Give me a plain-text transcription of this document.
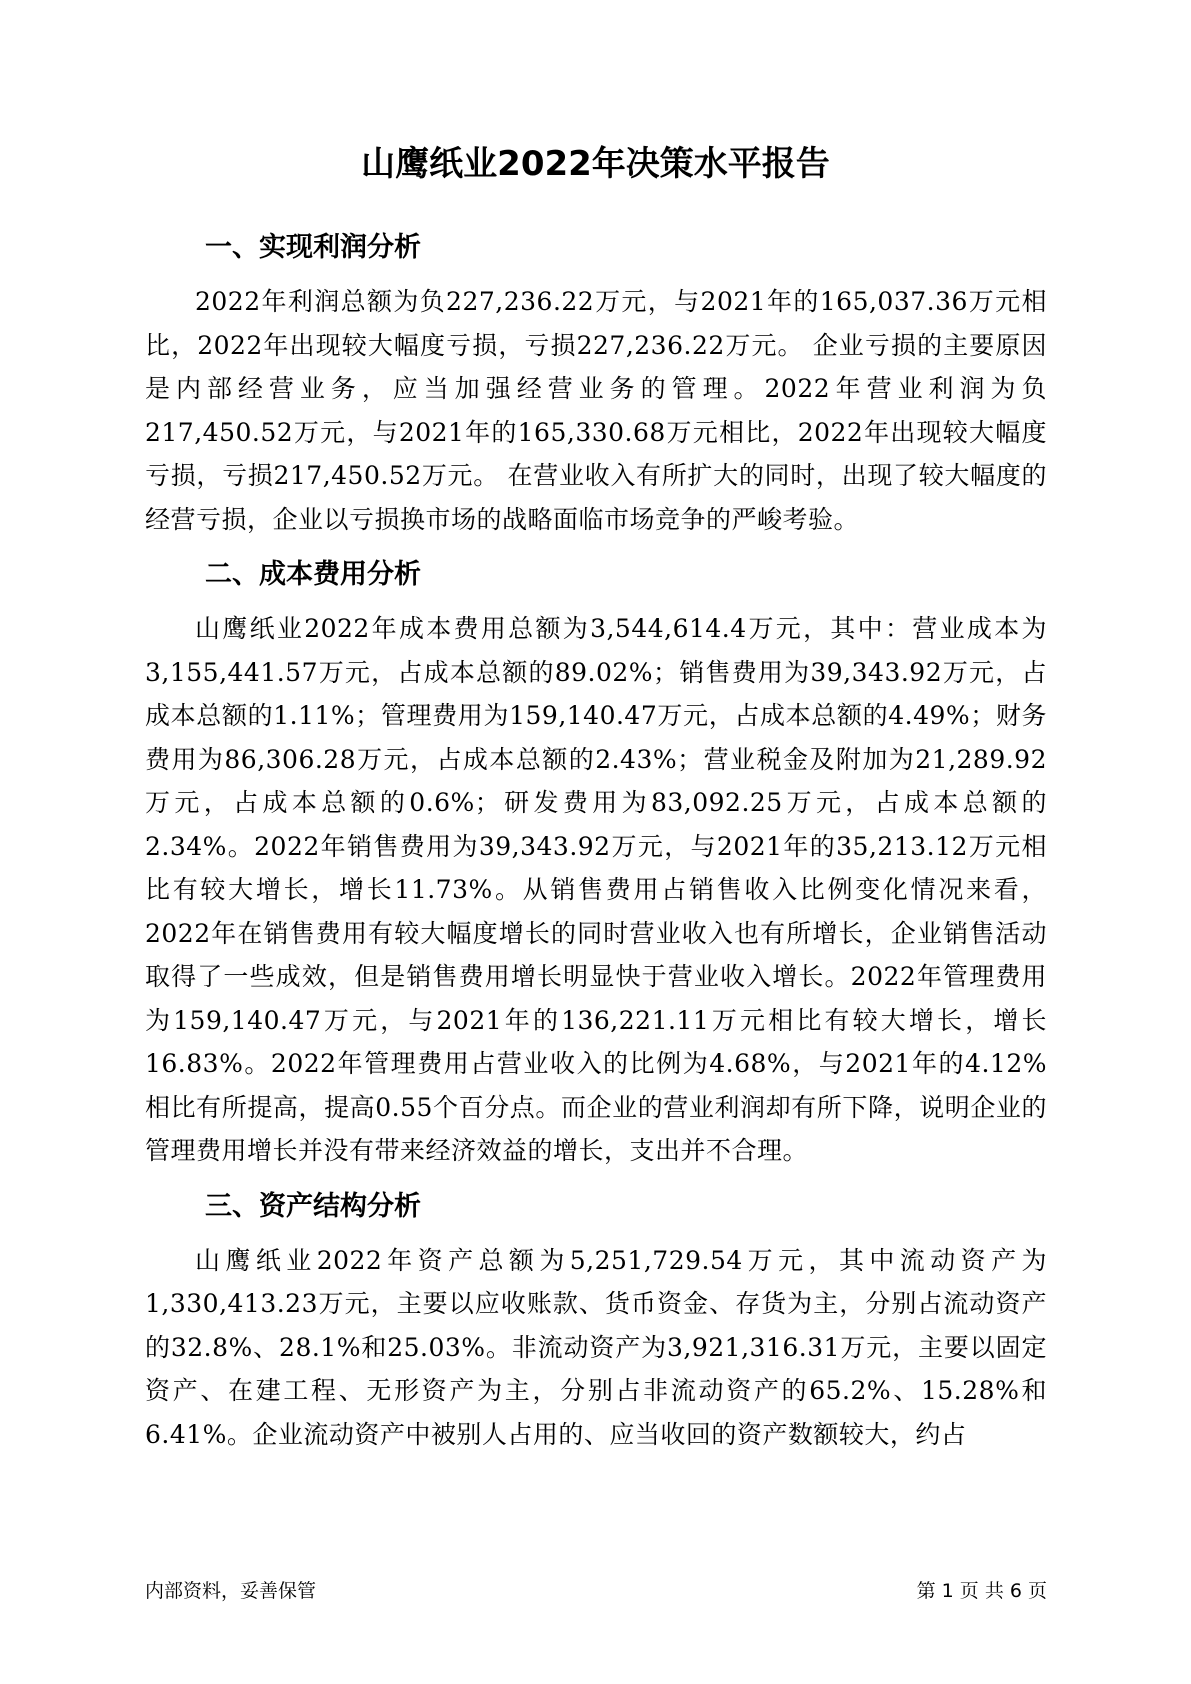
山鹰纸业2022年决策水平报告
一、实现利润分析

2022年利润总额为负227,236.22万元，与2021年的165,037.36万元相比，2022年出现较大幅度亏损，亏损227,236.22万元。 企业亏损的主要原因是内部经营业务，应当加强经营业务的管理。2022年营业利润为负217,450.52万元，与2021年的165,330.68万元相比，2022年出现较大幅度亏损，亏损217,450.52万元。 在营业收入有所扩大的同时，出现了较大幅度的经营亏损，企业以亏损换市场的战略面临市场竞争的严峻考验。

二、成本费用分析

山鹰纸业2022年成本费用总额为3,544,614.4万元，其中：营业成本为3,155,441.57万元，占成本总额的89.02%；销售费用为39,343.92万元，占成本总额的1.11%；管理费用为159,140.47万元，占成本总额的4.49%；财务费用为86,306.28万元，占成本总额的2.43%；营业税金及附加为21,289.92万元，占成本总额的0.6%；研发费用为83,092.25万元，占成本总额的2.34%。2022年销售费用为39,343.92万元，与2021年的35,213.12万元相比有较大增长，增长11.73%。从销售费用占销售收入比例变化情况来看，2022年在销售费用有较大幅度增长的同时营业收入也有所增长，企业销售活动取得了一些成效，但是销售费用增长明显快于营业收入增长。2022年管理费用为159,140.47万元，与2021年的136,221.11万元相比有较大增长，增长16.83%。2022年管理费用占营业收入的比例为4.68%，与2021年的4.12%相比有所提高，提高0.55个百分点。而企业的营业利润却有所下降，说明企业的管理费用增长并没有带来经济效益的增长，支出并不合理。

三、资产结构分析

山鹰纸业2022年资产总额为5,251,729.54万元，其中流动资产为1,330,413.23万元，主要以应收账款、货币资金、存货为主，分别占流动资产的32.8%、28.1%和25.03%。非流动资产为3,921,316.31万元，主要以固定资产、在建工程、无形资产为主，分别占非流动资产的65.2%、15.28%和6.41%。企业流动资产中被别人占用的、应当收回的资产数额较大，约占

内部资料，妥善保管	第 1 页 共 6 页
